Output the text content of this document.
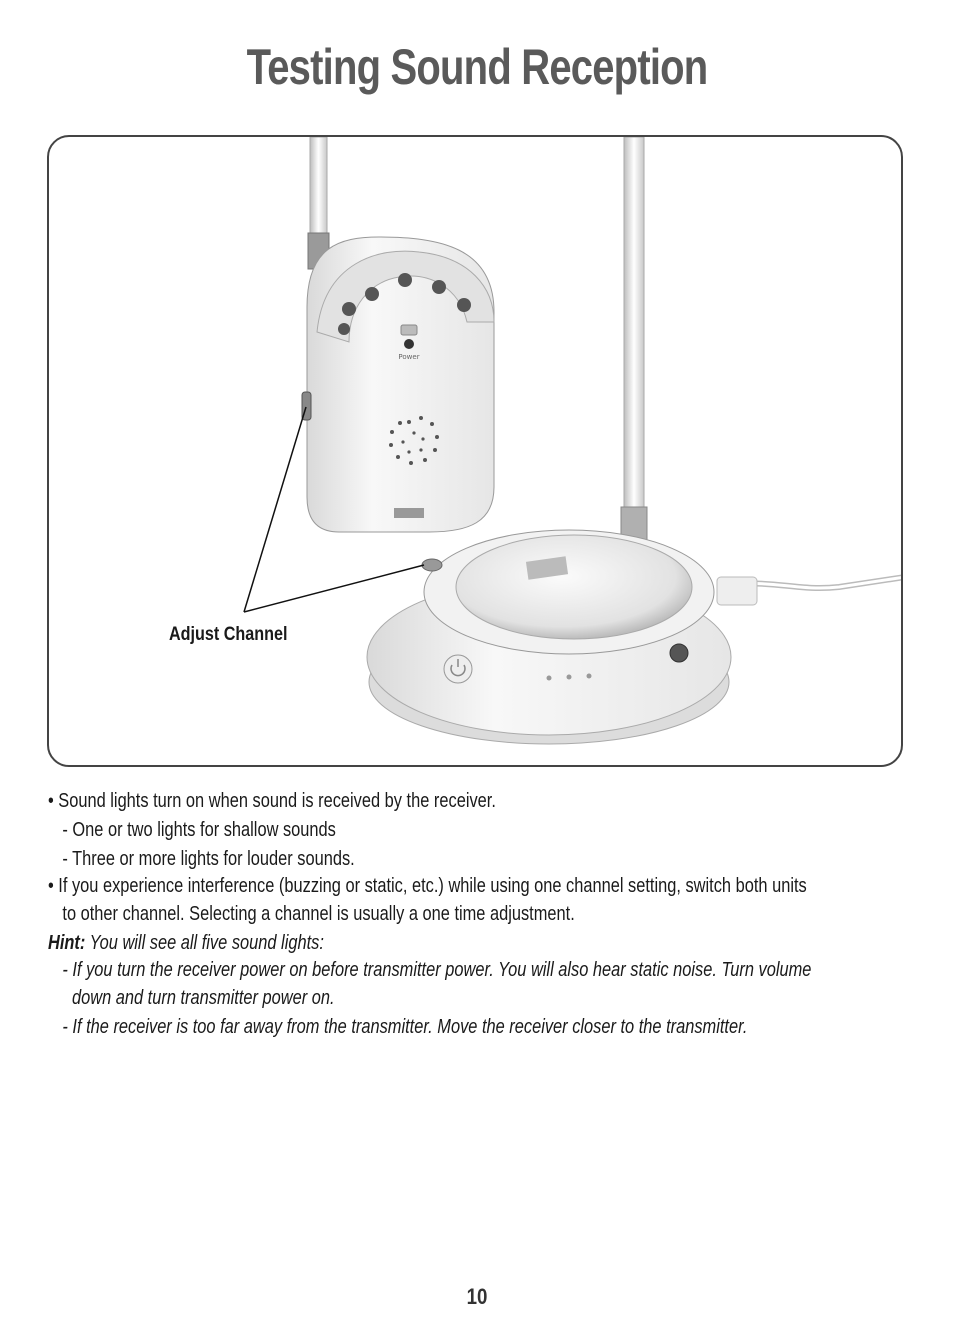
Testing Sound Reception
Power
Adjust Channel
• Sound lights turn on when sound is received by the receiver.
- One or two lights for shallow sounds
- Three or more lights for louder sounds.
• If you experience interference (buzzing or static, etc.) while using one channel setting, switch both units
to other channel. Selecting a channel is usually a one time adjustment.
Hint: You will see all five sound lights:
- If you turn the receiver power on before transmitter power. You will also hear static noise. Turn volume
down and turn transmitter power on.
- If the receiver is too far away from the transmitter. Move the receiver closer to the transmitter.
10
